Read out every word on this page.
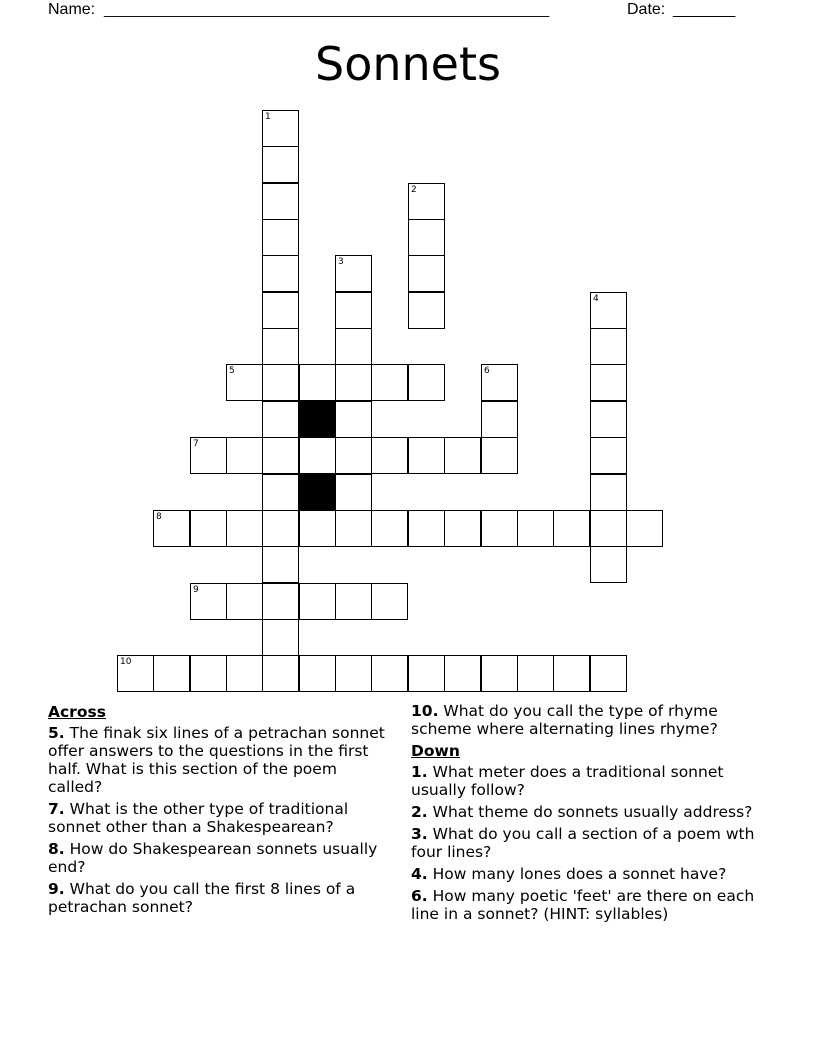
Name: ______________________________________________________	Date: _______
Sonnets
1
2
3
4
5	6
7
8
9
10
Across
5. The finak six lines of a petrachan sonnet offer answers to the questions in the first half. What is this section of the poem called?
7. What is the other type of traditional sonnet other than a Shakespearean?
8. How do Shakespearean sonnets usually end?
9. What do you call the first 8 lines of a petrachan sonnet?
10. What do you call the type of rhyme scheme where alternating lines rhyme?
Down
1. What meter does a traditional sonnet usually follow?
2. What theme do sonnets usually address?
3. What do you call a section of a poem wth four lines?
4. How many lones does a sonnet have?
6. How many poetic 'feet' are there on each line in a sonnet? (HINT: syllables)
